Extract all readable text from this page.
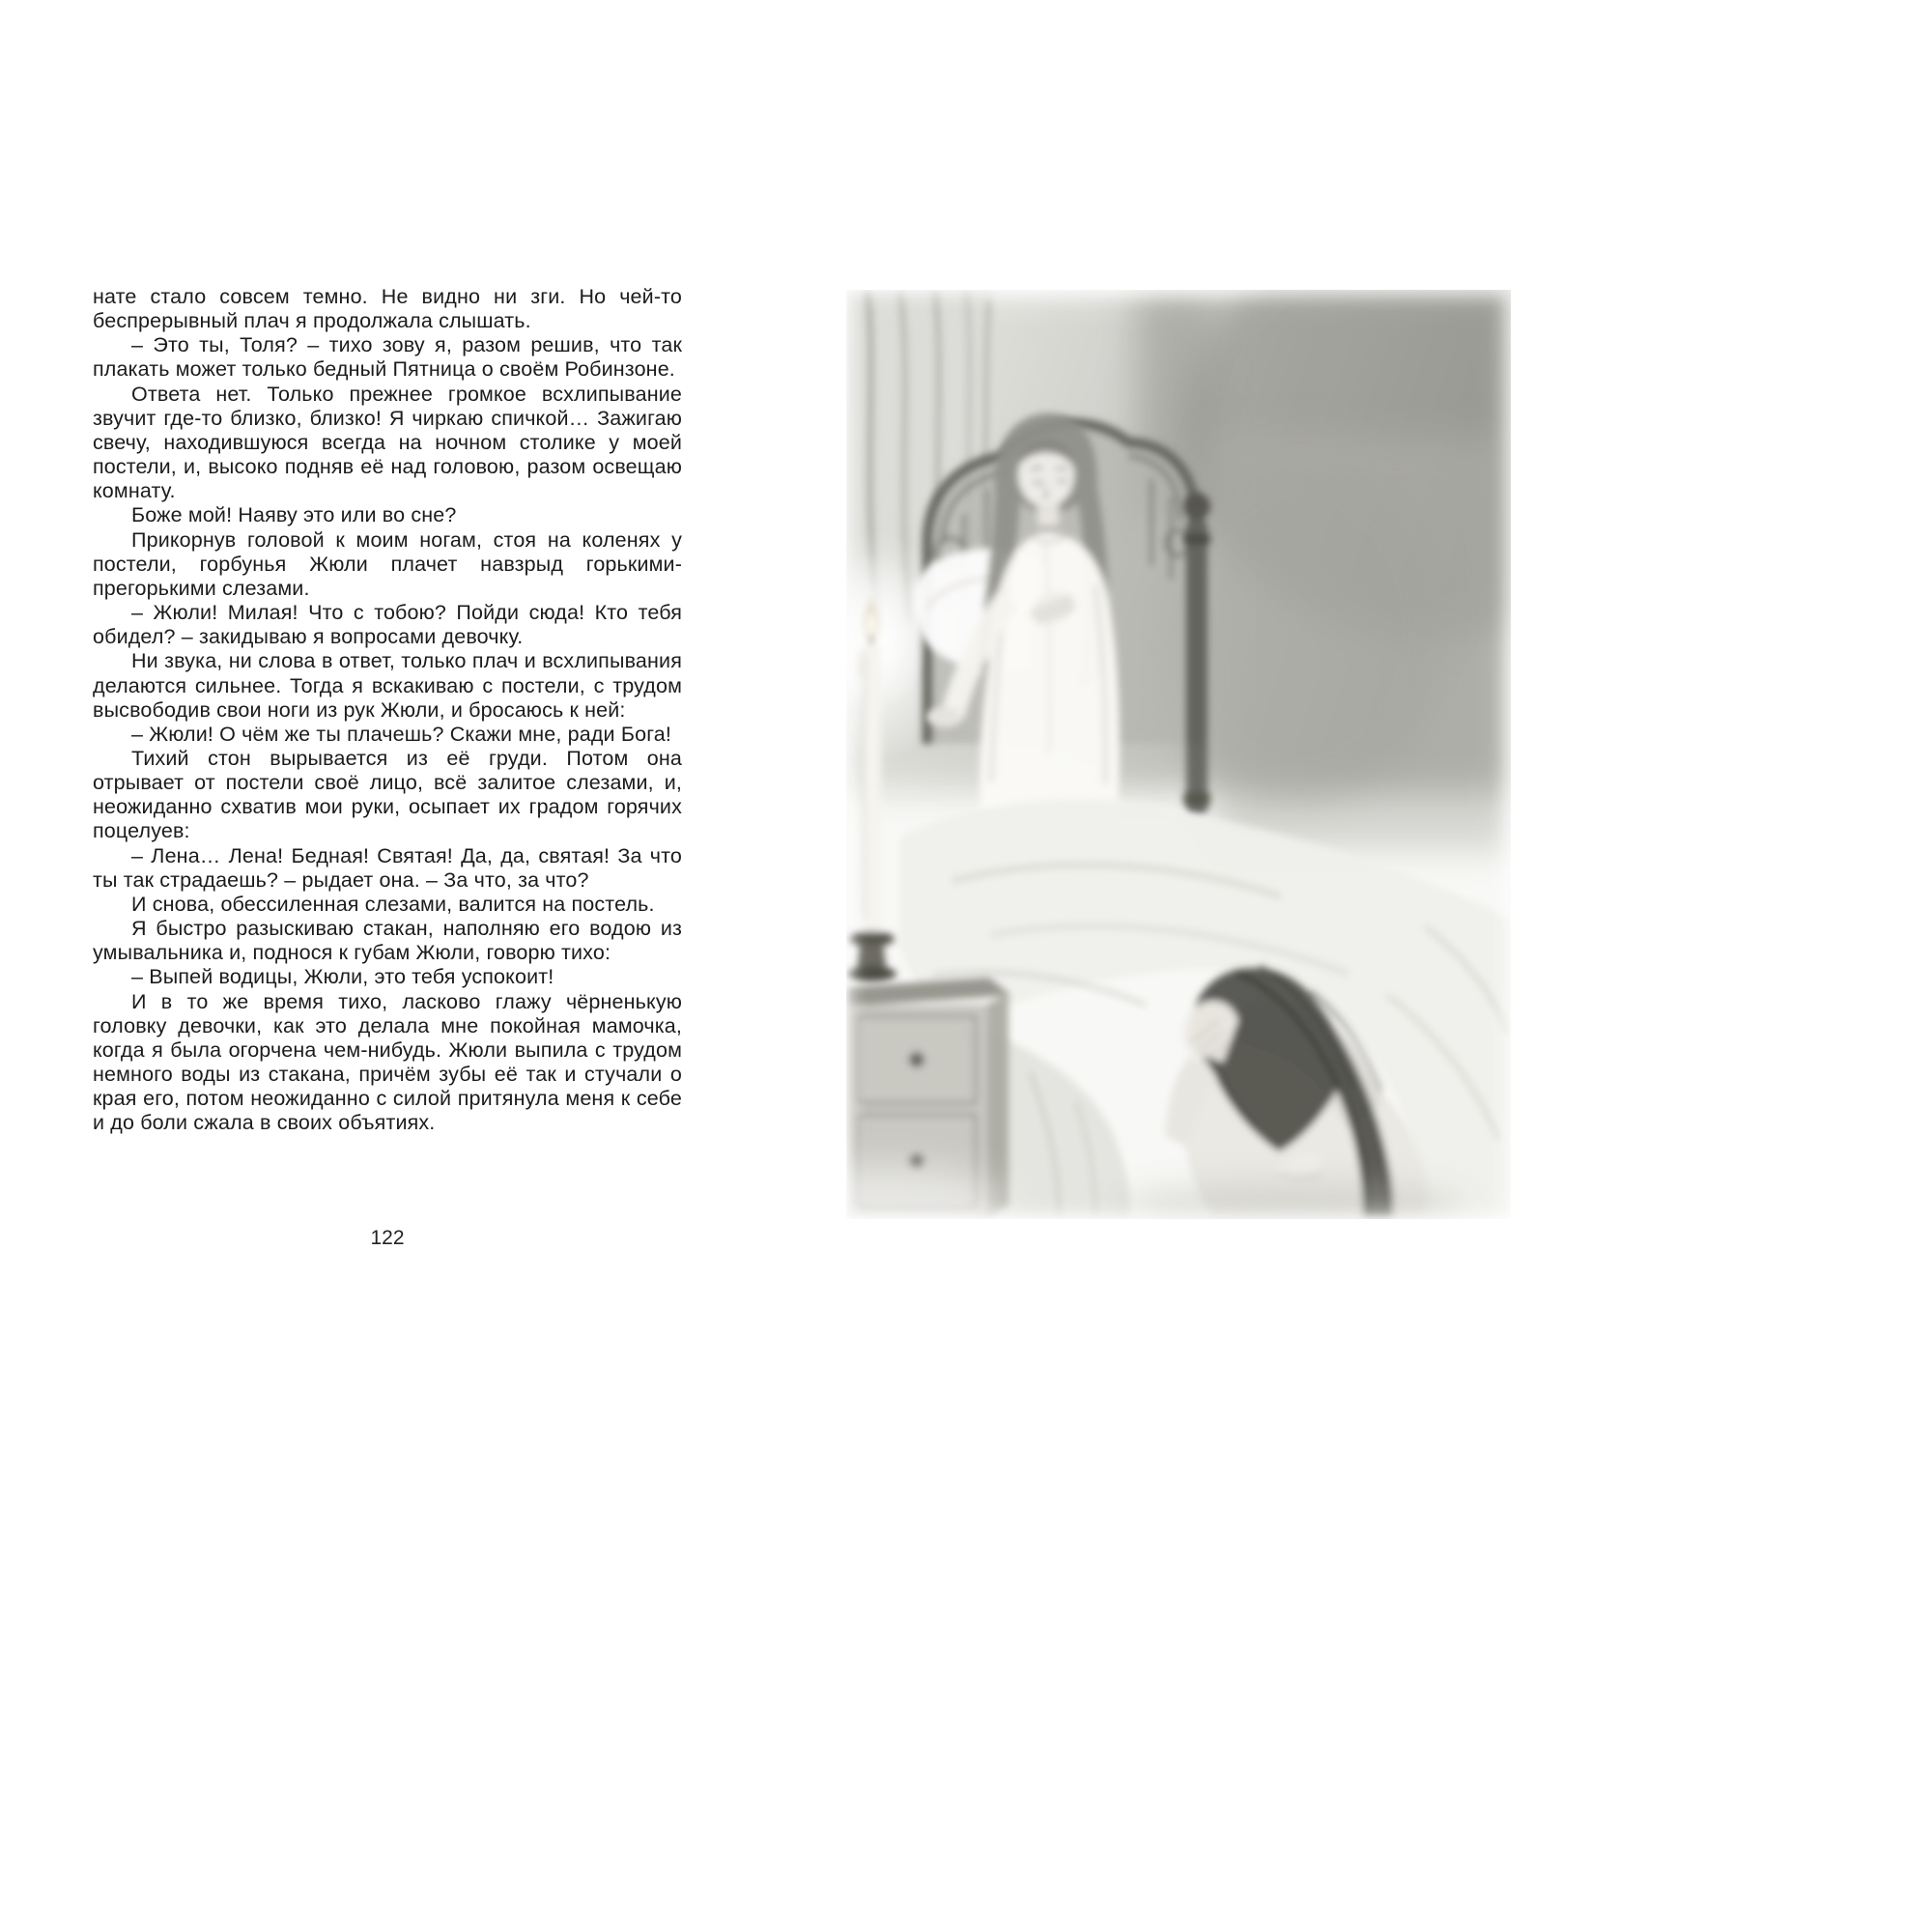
нате стало совсем темно. Не видно ни зги. Но чей-то беспрерывный плач я продолжала слышать.

– Это ты, Толя? – тихо зову я, разом решив, что так плакать может только бедный Пятница о своём Робинзоне.

Ответа нет. Только прежнее громкое всхлипывание звучит где-то близко, близко! Я чиркаю спичкой… Зажигаю свечу, находившуюся всегда на ночном столике у моей постели, и, высоко подняв её над головою, разом освещаю комнату.

Боже мой! Наяву это или во сне?

Прикорнув головой к моим ногам, стоя на коленях у постели, горбунья Жюли плачет навзрыд горькими-прегорькими слезами.

– Жюли! Милая! Что с тобою? Пойди сюда! Кто тебя обидел? – закидываю я вопросами девочку.

Ни звука, ни слова в ответ, только плач и всхлипывания делаются сильнее. Тогда я вскакиваю с постели, с трудом высвободив свои ноги из рук Жюли, и бросаюсь к ней:

– Жюли! О чём же ты плачешь? Скажи мне, ради Бога!

Тихий стон вырывается из её груди. Потом она отрывает от постели своё лицо, всё залитое слезами, и, неожиданно схватив мои руки, осыпает их градом горячих поцелуев:

– Лена… Лена! Бедная! Святая! Да, да, святая! За что ты так страдаешь? – рыдает она. – За что, за что?

И снова, обессиленная слезами, валится на постель.

Я быстро разыскиваю стакан, наполняю его водою из умывальника и, поднося к губам Жюли, говорю тихо:

– Выпей водицы, Жюли, это тебя успокоит!

И в то же время тихо, ласково глажу чёрненькую головку девочки, как это делала мне покойная мамочка, когда я была огорчена чем-нибудь. Жюли выпила с трудом немного воды из стакана, причём зубы её так и стучали о края его, потом неожиданно с силой притянула меня к себе и до боли сжала в своих объятиях.

122
